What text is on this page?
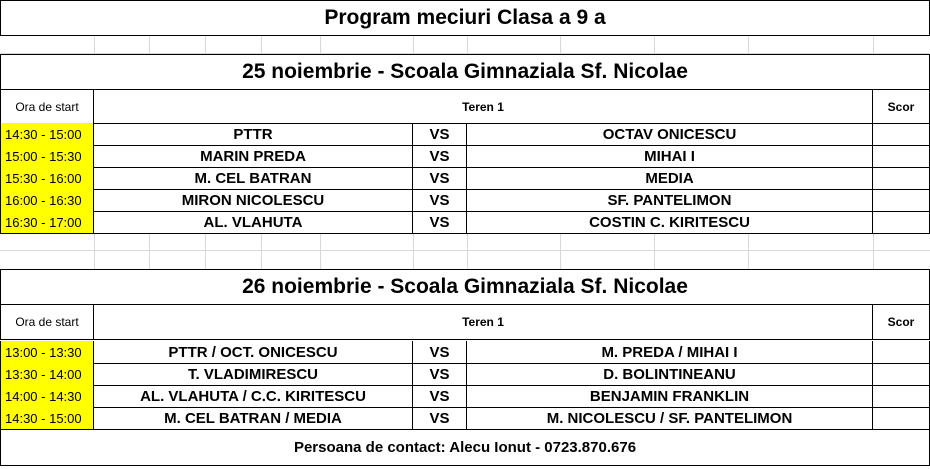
Program meciuri Clasa a 9 a
25 noiembrie - Scoala Gimnaziala Sf. Nicolae
Ora de start	Teren 1	Scor
14:30 - 15:00	PTTR	VS	OCTAV ONICESCU
15:00 - 15:30	MARIN PREDA	VS	MIHAI I
15:30 - 16:00	M. CEL BATRAN	VS	MEDIA
16:00 - 16:30	MIRON NICOLESCU	VS	SF. PANTELIMON
16:30 - 17:00	AL. VLAHUTA	VS	COSTIN C. KIRITESCU
26 noiembrie - Scoala Gimnaziala Sf. Nicolae
Ora de start	Teren 1	Scor
13:00 - 13:30	PTTR / OCT. ONICESCU	VS	M. PREDA / MIHAI I
13:30 - 14:00	T. VLADIMIRESCU	VS	D. BOLINTINEANU
14:00 - 14:30	AL. VLAHUTA / C.C. KIRITESCU	VS	BENJAMIN FRANKLIN
14:30 - 15:00	M. CEL BATRAN / MEDIA	VS	M. NICOLESCU / SF. PANTELIMON
Persoana de contact: Alecu Ionut - 0723.870.676
